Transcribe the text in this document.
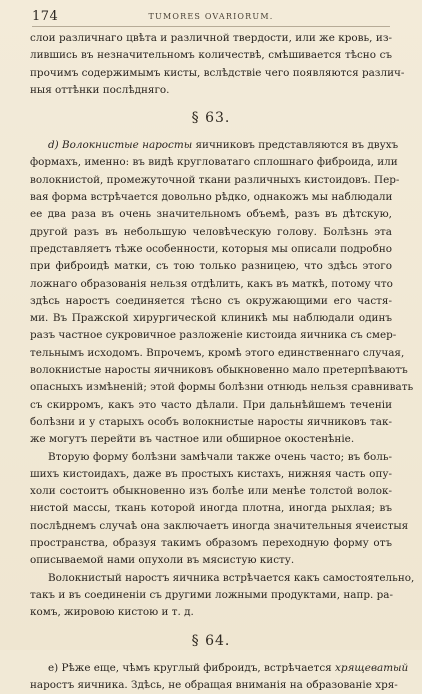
174	TUMORES OVARIORUM.
слои различнаго цвѣта и различной твердости, или же кровь, из-
лившись въ незначительномъ количествѣ, смѣшивается тѣсно съ
прочимъ содержимымъ кисты, вслѣдствіе чего появляются различ-
ныя оттѣнки послѣдняго.
§ 63.
d) Волокнистые наросты яичниковъ представляются въ двухъ
формахъ, именно: въ видѣ кругловатаго сплошнаго фиброида, или
волокнистой, промежуточной ткани различныхъ кистоидовъ. Пер-
вая форма встрѣчается довольно рѣдко, однакожъ мы наблюдали
ее два раза въ очень значительномъ объемѣ, разъ въ дѣтскую,
другой разъ въ небольшую человѣческую голову. Болѣзнь эта
представляетъ тѣже особенности, которыя мы описали подробно
при фиброидѣ матки, съ тою только разницею, что здѣсь этого
ложнаго образованія нельзя отдѣлить, какъ въ маткѣ, потому что
здѣсь наростъ соединяется тѣсно съ окружающими его частя-
ми. Въ Пражской хирургической клиникѣ мы наблюдали одинъ
разъ частное сукровичное разложеніе кистоида яичника съ смер-
тельнымъ исходомъ. Впрочемъ, кромѣ этого единственнаго случая,
волокнистые наросты яичниковъ обыкновенно мало претерпѣваютъ
опасныхъ измѣненій; этой формы болѣзни отнюдь нельзя сравнивать
съ скирромъ, какъ это часто дѣлали. При дальнѣйшемъ теченіи
болѣзни и у старыхъ особъ волокнистые наросты яичниковъ так-
же могутъ перейти въ частное или обширное окостенѣніе.
Вторую форму болѣзни замѣчали также очень часто; въ боль-
шихъ кистоидахъ, даже въ простыхъ кистахъ, нижняя часть опу-
холи состоитъ обыкновенно изъ болѣе или менѣе толстой волок-
нистой массы, ткань которой иногда плотна, иногда рыхлая; въ
послѣднемъ случаѣ она заключаетъ иногда значительныя ячеистыя
пространства, образуя такимъ образомъ переходную форму отъ
описываемой нами опухоли въ мясистую кисту.
Волокнистый наростъ яичника встрѣчается какъ самостоятельно,
такъ и въ соединеніи съ другими ложными продуктами, напр. ра-
комъ, жировою кистою и т. д.
§ 64.
e) Рѣже еще, чѣмъ круглый фиброидъ, встрѣчается хрящеватый
наростъ яичника. Здѣсь, не обращая вниманія на образованіе хря-
